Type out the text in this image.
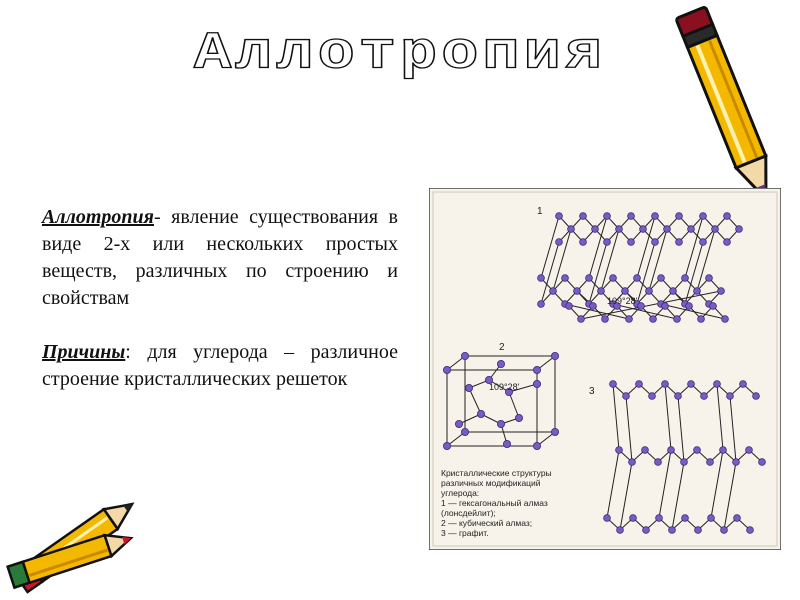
Аллотропия

Аллотропия- явление существования в виде 2-х или нескольких простых веществ, различных по строению и свойствам

Причины: для углерода – различное строение кристаллических решеток

1
109°28'
2
109°28'	3
Кристаллические структуры
различных модификаций
углерода:
1 — гексагональный алмаз
(лонсдейлит);
2 — кубический алмаз;
3 — графит.
